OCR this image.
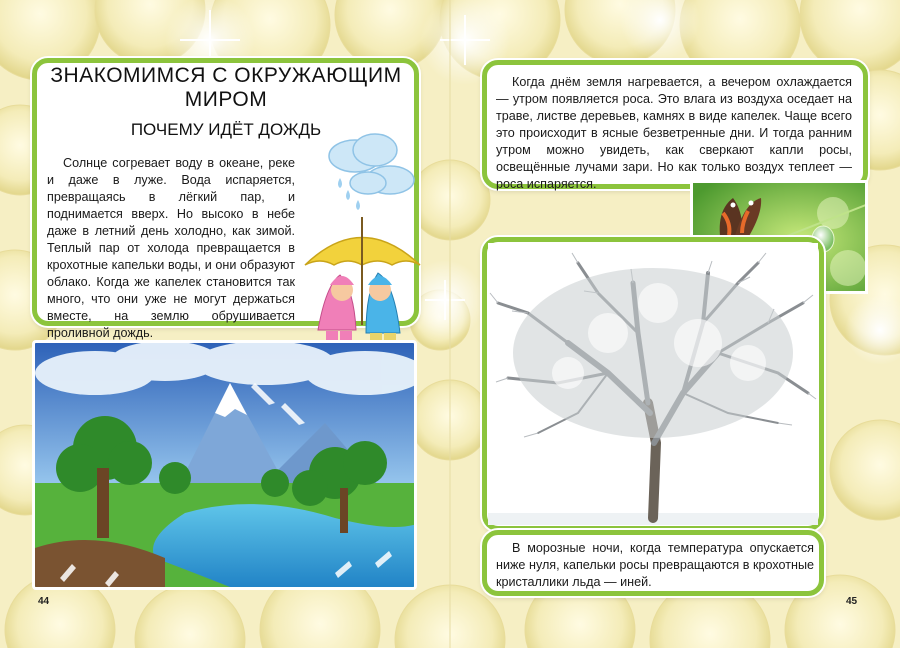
ЗНАКОМИМСЯ С ОКРУЖАЮЩИМ МИРОМ
ПОЧЕМУ ИДЁТ ДОЖДЬ

Солнце согревает воду в океане, реке и даже в луже. Вода испаряется, превращаясь в лёгкий пар, и поднимается вверх. Но высоко в небе даже в летний день холодно, как зимой. Теплый пар от холода превращается в крохотные капельки воды, и они образуют облако. Когда же капелек становится так много, что они уже не могут держаться вместе, на землю обрушивается проливной дождь.

44

Когда днём земля нагревается, а вечером охлаждается — утром появляется роса. Это влага из воздуха оседает на траве, листве деревьев, камнях в виде капелек. Чаще всего это происходит в ясные безветренные дни. И тогда ранним утром можно увидеть, как сверкают капли росы, освещённые лучами зари. Но как только воздух теплеет — роса испаряется.

В морозные ночи, когда температура опускается ниже нуля, капельки росы превращаются в крохотные кристаллики льда — иней.

45
